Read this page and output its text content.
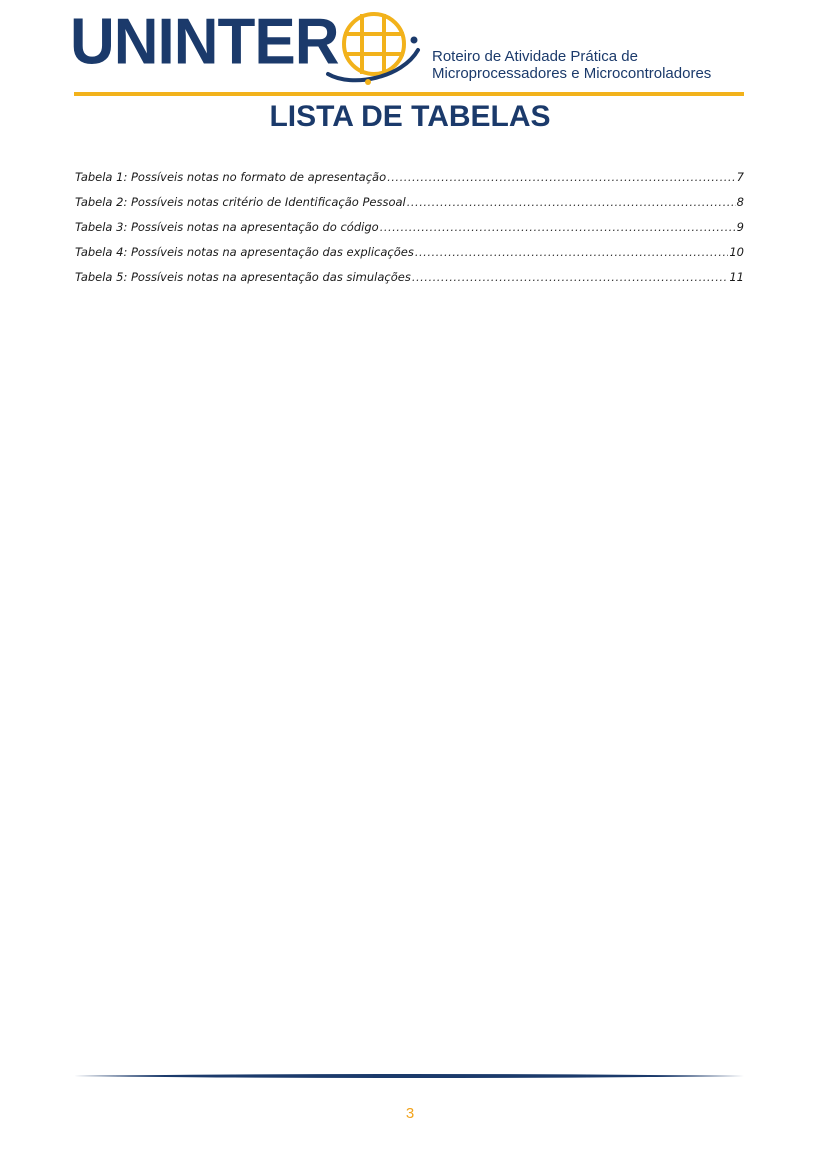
UNINTER	Roteiro de Atividade Prática de
Microprocessadores e Microcontroladores
LISTA DE TABELAS
Tabela 1: Possíveis notas no formato de apresentação .....	7
Tabela 2: Possíveis notas critério de Identificação Pessoal .....	8
Tabela 3: Possíveis notas na apresentação do código .....	9
Tabela 4: Possíveis notas na apresentação das explicações .....	10
Tabela 5: Possíveis notas na apresentação das simulações .....	11
3
